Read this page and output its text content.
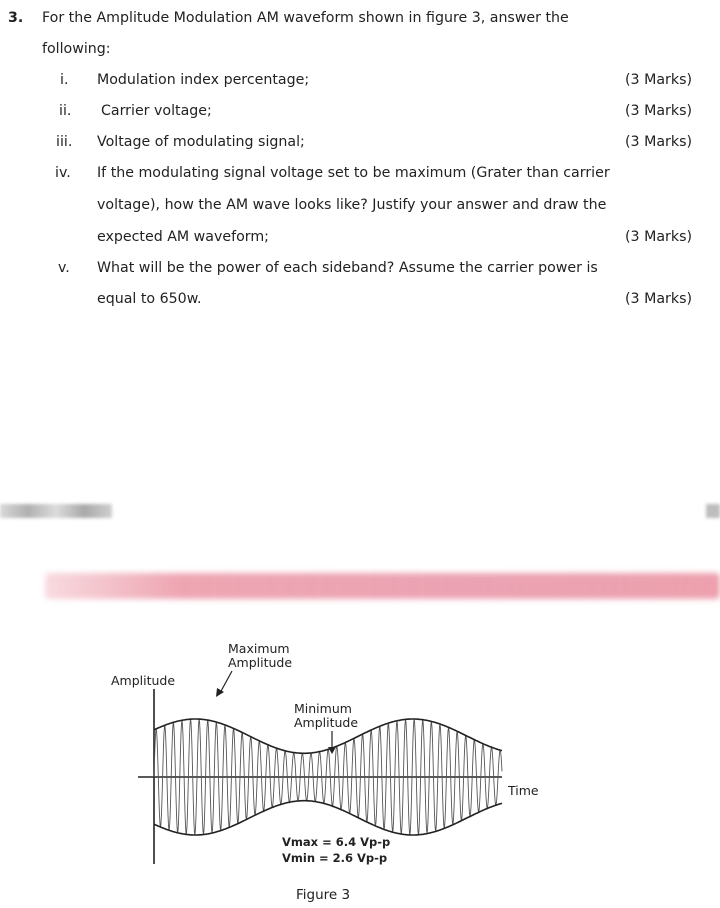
3. For the Amplitude Modulation AM waveform shown in figure 3, answer the
following:
i. Modulation index percentage;	(3 Marks)
ii. Carrier voltage;	(3 Marks)
iii. Voltage of modulating signal;	(3 Marks)
iv. If the modulating signal voltage set to be maximum (Grater than carrier
voltage), how the AM wave looks like? Justify your answer and draw the
expected AM waveform;	(3 Marks)
v. What will be the power of each sideband? Assume the carrier power is
equal to 650w.	(3 Marks)
Amplitude
Time
Maximum
Amplitude
Minimum
Amplitude
Vmax = 6.4 Vp-p
Vmin = 2.6 Vp-p
Figure 3
